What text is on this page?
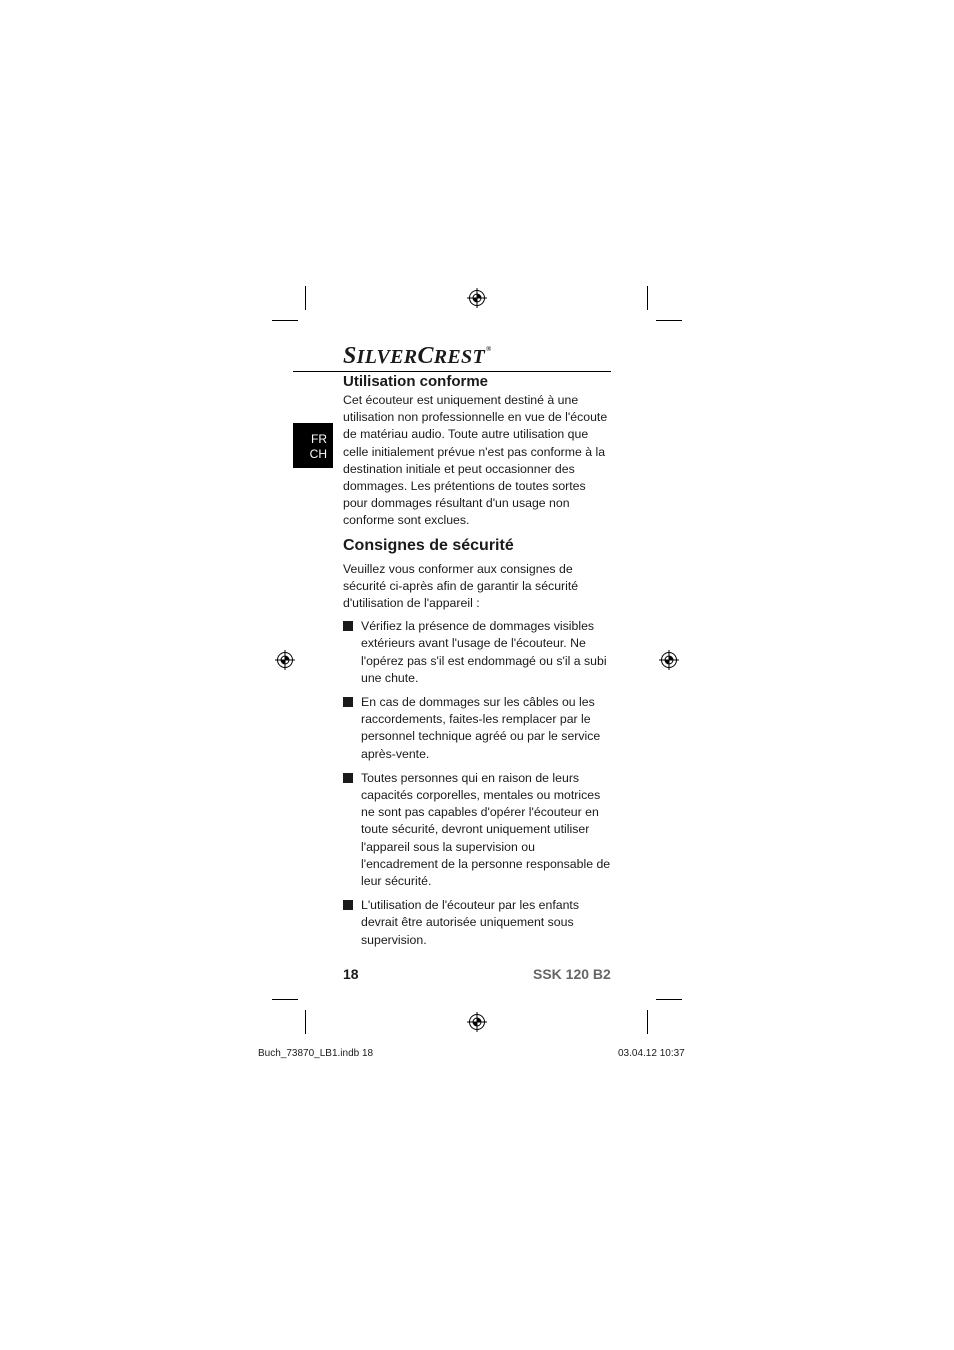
SILVERCREST®
FR
CH
Utilisation conforme

Cet écouteur est uniquement destiné à une utilisation non professionnelle en vue de l'écoute de matériau audio. Toute autre utilisation que celle initialement prévue n'est pas conforme à la destination initiale et peut occasionner des dommages. Les prétentions de toutes sortes pour dommages résultant d'un usage non conforme sont exclues.

Consignes de sécurité

Veuillez vous conformer aux consignes de sécurité ci-après afin de garantir la sécurité d'utilisation de l'appareil :

Vérifiez la présence de dommages visibles extérieurs avant l'usage de l'écouteur. Ne l'opérez pas s'il est endommagé ou s'il a subi une chute.
En cas de dommages sur les câbles ou les raccordements, faites-les remplacer par le personnel technique agréé ou par le service après-vente.
Toutes personnes qui en raison de leurs capacités corporelles, mentales ou motrices ne sont pas capables d'opérer l'écouteur en toute sécurité, devront uniquement utiliser l'appareil sous la supervision ou l'encadrement de la personne responsable de leur sécurité.
L'utilisation de l'écouteur par les enfants devrait être autorisée uniquement sous supervision.
18	SSK 120 B2
Buch_73870_LB1.indb 18	03.04.12 10:37
